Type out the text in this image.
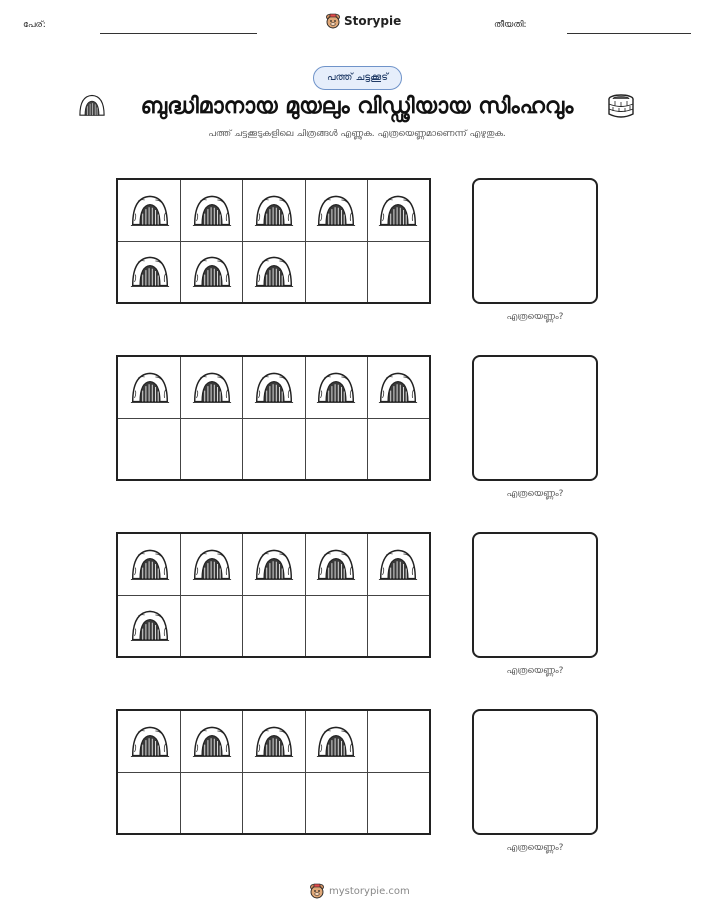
പേര്:	Storypie	തീയതി:
പത്ത് ചട്ടക്കൂട്
ബുദ്ധിമാനായ മുയലും വിഡ്ഢിയായ സിംഹവും
പത്ത് ചട്ടക്കൂടുകളിലെ ചിത്രങ്ങൾ എണ്ണുക. എത്രയെണ്ണമാണെന്ന് എഴുതുക.
എത്രയെണ്ണം?
എത്രയെണ്ണം?
എത്രയെണ്ണം?
എത്രയെണ്ണം?
mystorypie.com
